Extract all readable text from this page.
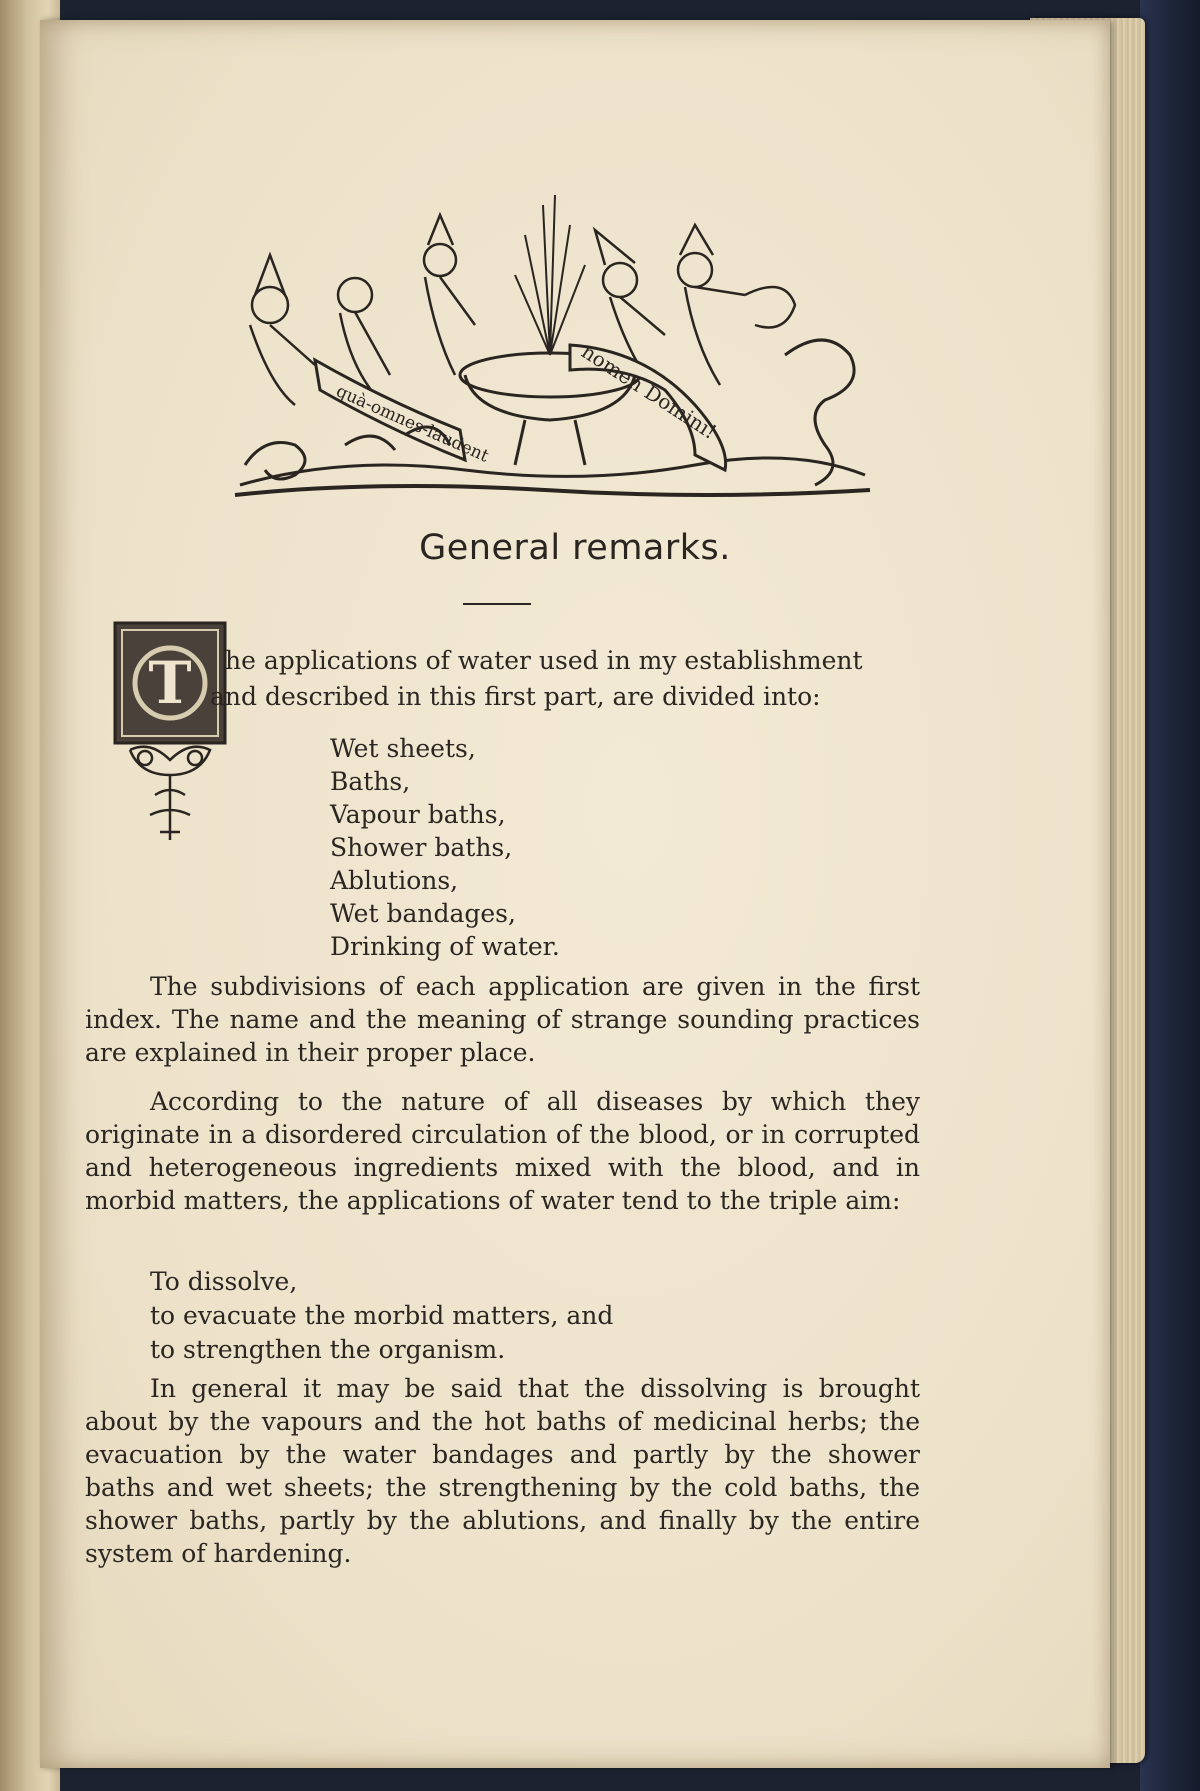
quà-omnes-laudent	nomen Domini!
General remarks.
T he applications of water used in my establishment
and described in this first part, are divided into:
Wet sheets,
Baths,
Vapour baths,
Shower baths,
Ablutions,
Wet bandages,
Drinking of water.
The subdivisions of each application are given in the first index. The name and the meaning of strange sounding practices are explained in their proper place.
According to the nature of all diseases by which they originate in a disordered circulation of the blood, or in corrupted and heterogeneous ingredients mixed with the blood, and in morbid matters, the applications of water tend to the triple aim:
To dissolve,
to evacuate the morbid matters, and
to strengthen the organism.
In general it may be said that the dissolving is brought about by the vapours and the hot baths of medicinal herbs; the evacuation by the water bandages and partly by the shower baths and wet sheets; the strengthening by the cold baths, the shower baths, partly by the ablutions, and finally by the entire system of hardening.
